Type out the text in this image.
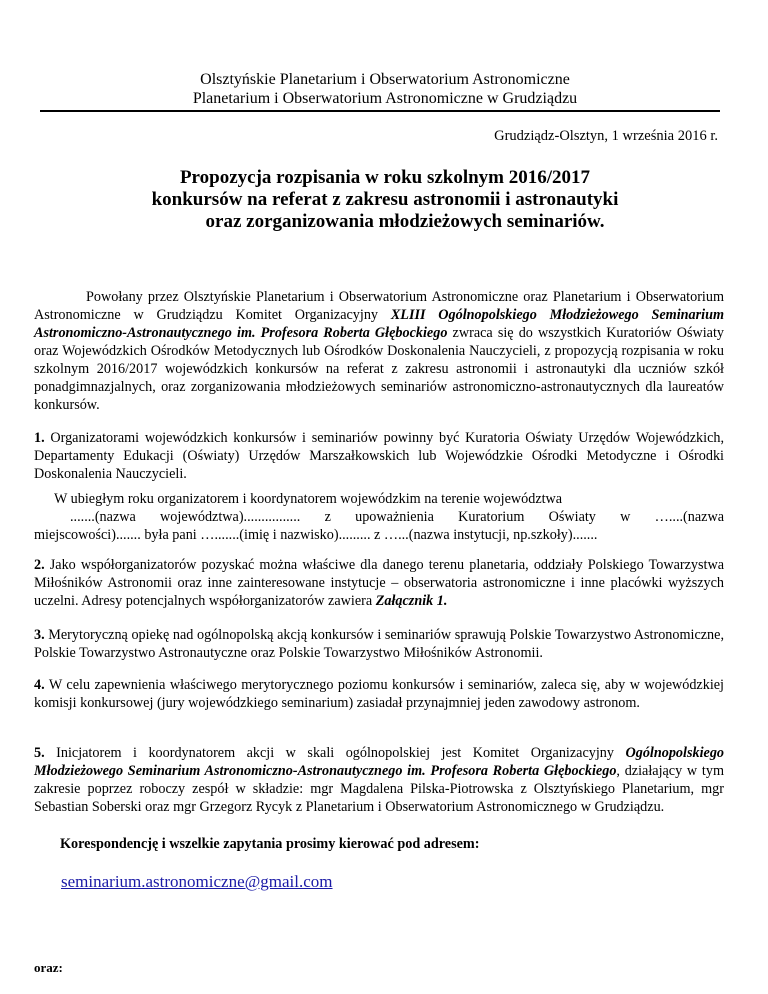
Olsztyńskie Planetarium i Obserwatorium Astronomiczne
Planetarium i Obserwatorium Astronomiczne w Grudziądzu
Grudziądz-Olsztyn, 1 września 2016 r.
Propozycja rozpisania w roku szkolnym 2016/2017
konkursów na referat z zakresu astronomii i astronautyki
oraz zorganizowania młodzieżowych seminariów.
Powołany przez Olsztyńskie Planetarium i Obserwatorium Astronomiczne oraz Planetarium i Obserwatorium Astronomiczne w Grudziądzu Komitet Organizacyjny XLIII Ogólnopolskiego Młodzieżowego Seminarium Astronomiczno-Astronautycznego im. Profesora Roberta Głębockiego zwraca się do wszystkich Kuratoriów Oświaty oraz Wojewódzkich Ośrodków Metodycznych lub Ośrodków Doskonalenia Nauczycieli, z propozycją rozpisania w roku szkolnym 2016/2017 wojewódzkich konkursów na referat z zakresu astronomii i astronautyki dla uczniów szkół ponadgimnazjalnych, oraz zorganizowania młodzieżowych seminariów astronomiczno-astronautycznych dla laureatów konkursów.
1. Organizatorami wojewódzkich konkursów i seminariów powinny być Kuratoria Oświaty Urzędów Wojewódzkich, Departamenty Edukacji (Oświaty) Urzędów Marszałkowskich lub Wojewódzkie Ośrodki Metodyczne i Ośrodki Doskonalenia Nauczycieli.
W ubiegłym roku organizatorem i koordynatorem wojewódzkim na terenie województwa
.......(nazwa województwa)................ z upoważnienia Kuratorium Oświaty w …....(nazwa
miejscowości)....... była pani ….......(imię i nazwisko)......... z …...(nazwa instytucji, np.szkoły).......
2. Jako współorganizatorów pozyskać można właściwe dla danego terenu planetaria, oddziały Polskiego Towarzystwa Miłośników Astronomii oraz inne zainteresowane instytucje – obserwatoria astronomiczne i inne placówki wyższych uczelni. Adresy potencjalnych współorganizatorów zawiera Załącznik 1.
3. Merytoryczną opiekę nad ogólnopolską akcją konkursów i seminariów sprawują Polskie Towarzystwo Astronomiczne, Polskie Towarzystwo Astronautyczne oraz Polskie Towarzystwo Miłośników Astronomii.
4. W celu zapewnienia właściwego merytorycznego poziomu konkursów i seminariów, zaleca się, aby w wojewódzkiej komisji konkursowej (jury wojewódzkiego seminarium) zasiadał przynajmniej jeden zawodowy astronom.
5. Inicjatorem i koordynatorem akcji w skali ogólnopolskiej jest Komitet Organizacyjny Ogólnopolskiego Młodzieżowego Seminarium Astronomiczno-Astronautycznego im. Profesora Roberta Głębockiego, działający w tym zakresie poprzez roboczy zespół w składzie: mgr Magdalena Pilska-Piotrowska z Olsztyńskiego Planetarium, mgr Sebastian Soberski oraz mgr Grzegorz Rycyk z Planetarium i Obserwatorium Astronomicznego w Grudziądzu.
Korespondencję i wszelkie zapytania prosimy kierować pod adresem:
seminarium.astronomiczne@gmail.com
oraz:
